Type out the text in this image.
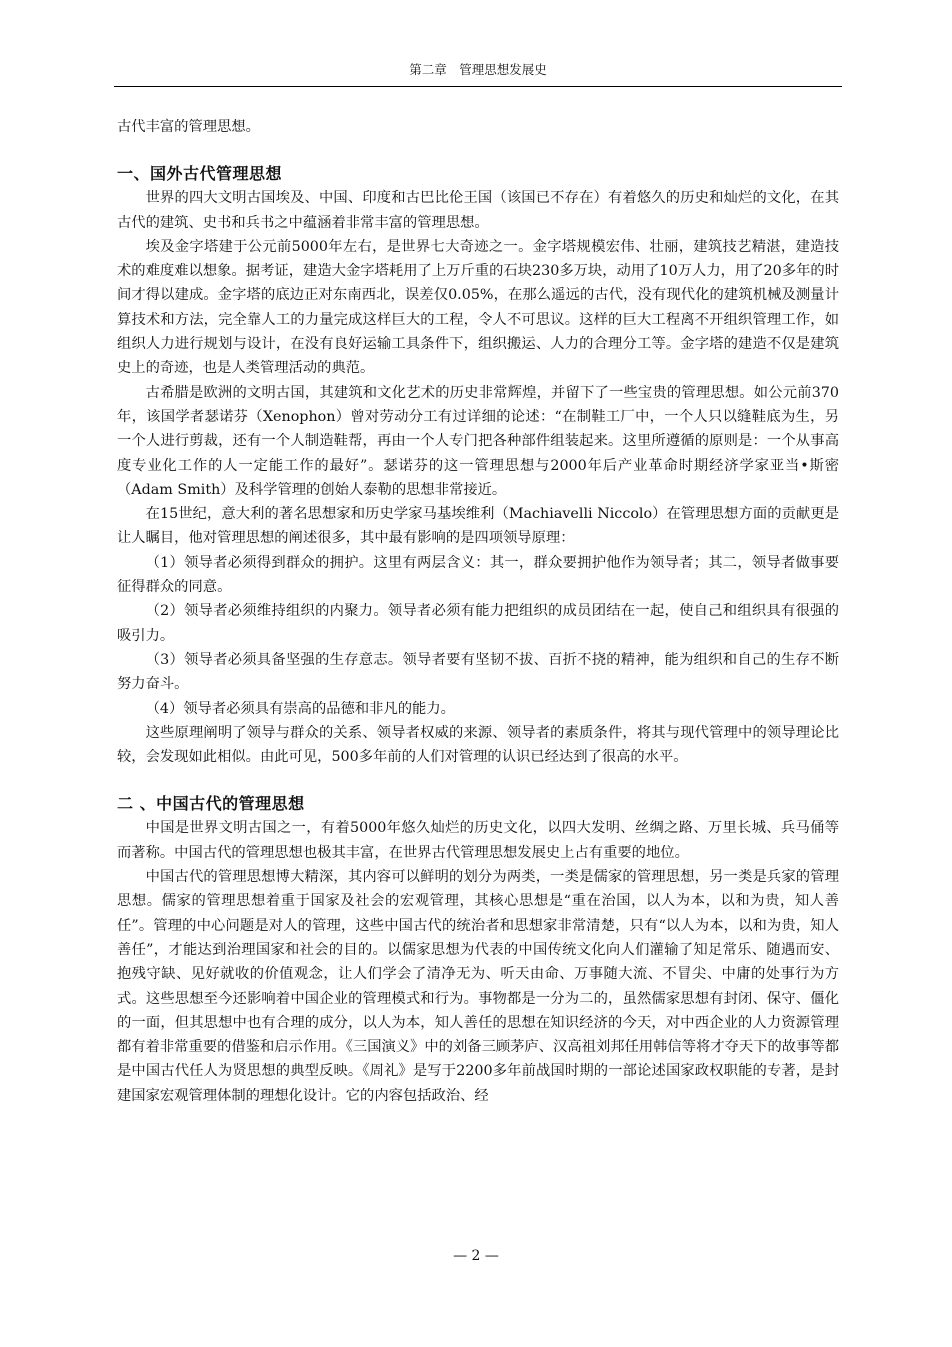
第二章　管理思想发展史

古代丰富的管理思想。

一、国外古代管理思想

世界的四大文明古国埃及、中国、印度和古巴比伦王国（该国已不存在）有着悠久的历史和灿烂的文化，在其古代的建筑、史书和兵书之中蕴涵着非常丰富的管理思想。

埃及金字塔建于公元前5000年左右，是世界七大奇迹之一。金字塔规模宏伟、壮丽，建筑技艺精湛，建造技术的难度难以想象。据考证，建造大金字塔耗用了上万斤重的石块230多万块，动用了10万人力，用了20多年的时间才得以建成。金字塔的底边正对东南西北，误差仅0.05%，在那么遥远的古代，没有现代化的建筑机械及测量计算技术和方法，完全靠人工的力量完成这样巨大的工程，令人不可思议。这样的巨大工程离不开组织管理工作，如组织人力进行规划与设计，在没有良好运输工具条件下，组织搬运、人力的合理分工等。金字塔的建造不仅是建筑史上的奇迹，也是人类管理活动的典范。

古希腊是欧洲的文明古国，其建筑和文化艺术的历史非常辉煌，并留下了一些宝贵的管理思想。如公元前370年，该国学者瑟诺芬（Xenophon）曾对劳动分工有过详细的论述：“在制鞋工厂中，一个人只以缝鞋底为生，另一个人进行剪裁，还有一个人制造鞋帮，再由一个人专门把各种部件组装起来。这里所遵循的原则是：一个从事高度专业化工作的人一定能工作的最好”。瑟诺芬的这一管理思想与2000年后产业革命时期经济学家亚当•斯密（Adam Smith）及科学管理的创始人泰勒的思想非常接近。

在15世纪，意大利的著名思想家和历史学家马基埃维利（Machiavelli Niccolo）在管理思想方面的贡献更是让人瞩目，他对管理思想的阐述很多，其中最有影响的是四项领导原理：

（1）领导者必须得到群众的拥护。这里有两层含义：其一，群众要拥护他作为领导者；其二，领导者做事要征得群众的同意。

（2）领导者必须维持组织的内聚力。领导者必须有能力把组织的成员团结在一起，使自己和组织具有很强的吸引力。

（3）领导者必须具备坚强的生存意志。领导者要有坚韧不拔、百折不挠的精神，能为组织和自己的生存不断努力奋斗。

（4）领导者必须具有崇高的品德和非凡的能力。

这些原理阐明了领导与群众的关系、领导者权威的来源、领导者的素质条件，将其与现代管理中的领导理论比较，会发现如此相似。由此可见，500多年前的人们对管理的认识已经达到了很高的水平。

二 、中国古代的管理思想

中国是世界文明古国之一，有着5000年悠久灿烂的历史文化，以四大发明、丝绸之路、万里长城、兵马俑等而著称。中国古代的管理思想也极其丰富，在世界古代管理思想发展史上占有重要的地位。

中国古代的管理思想博大精深，其内容可以鲜明的划分为两类，一类是儒家的管理思想，另一类是兵家的管理思想。儒家的管理思想着重于国家及社会的宏观管理，其核心思想是“重在治国，以人为本，以和为贵，知人善任”。管理的中心问题是对人的管理，这些中国古代的统治者和思想家非常清楚，只有“以人为本，以和为贵，知人善任”，才能达到治理国家和社会的目的。以儒家思想为代表的中国传统文化向人们灌输了知足常乐、随遇而安、抱残守缺、见好就收的价值观念，让人们学会了清净无为、听天由命、万事随大流、不冒尖、中庸的处事行为方式。这些思想至今还影响着中国企业的管理模式和行为。事物都是一分为二的，虽然儒家思想有封闭、保守、僵化的一面，但其思想中也有合理的成分，以人为本，知人善任的思想在知识经济的今天，对中西企业的人力资源管理都有着非常重要的借鉴和启示作用。《三国演义》中的刘备三顾茅庐、汉高祖刘邦任用韩信等将才夺天下的故事等都是中国古代任人为贤思想的典型反映。《周礼》是写于2200多年前战国时期的一部论述国家政权职能的专著，是封建国家宏观管理体制的理想化设计。它的内容包括政治、经

— 2 —
